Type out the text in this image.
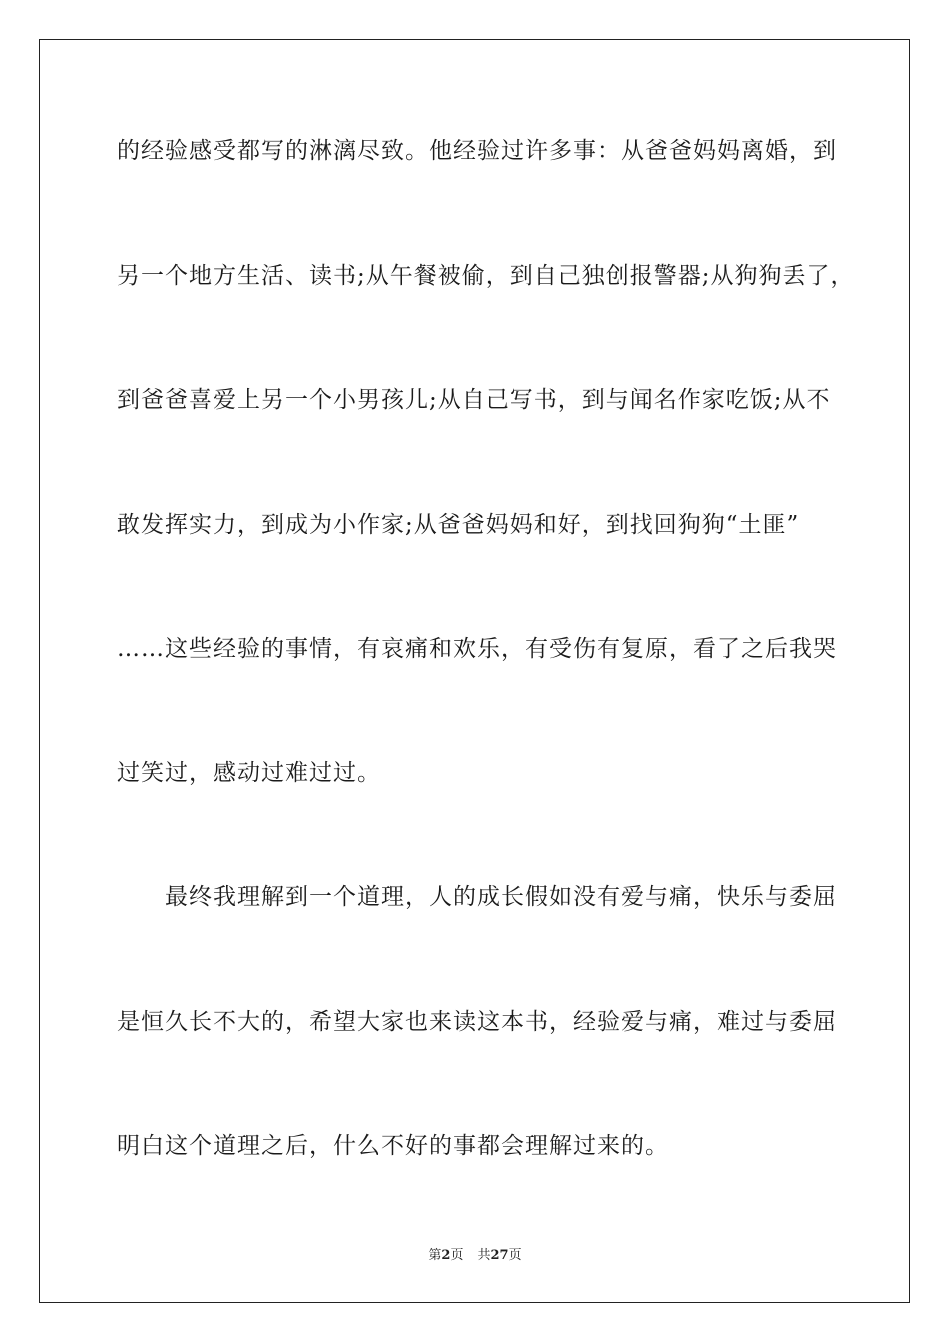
的经验感受都写的淋漓尽致。他经验过许多事：从爸爸妈妈离婚，到
另一个地方生活、读书;从午餐被偷，到自己独创报警器;从狗狗丢了，
到爸爸喜爱上另一个小男孩儿;从自己写书，到与闻名作家吃饭;从不
敢发挥实力，到成为小作家;从爸爸妈妈和好，到找回狗狗“土匪”
……这些经验的事情，有哀痛和欢乐，有受伤有复原，看了之后我哭
过笑过，感动过难过过。
　　最终我理解到一个道理，人的成长假如没有爱与痛，快乐与委屈
是恒久长不大的，希望大家也来读这本书，经验爱与痛，难过与委屈
明白这个道理之后，什么不好的事都会理解过来的。
第2页 共27页
